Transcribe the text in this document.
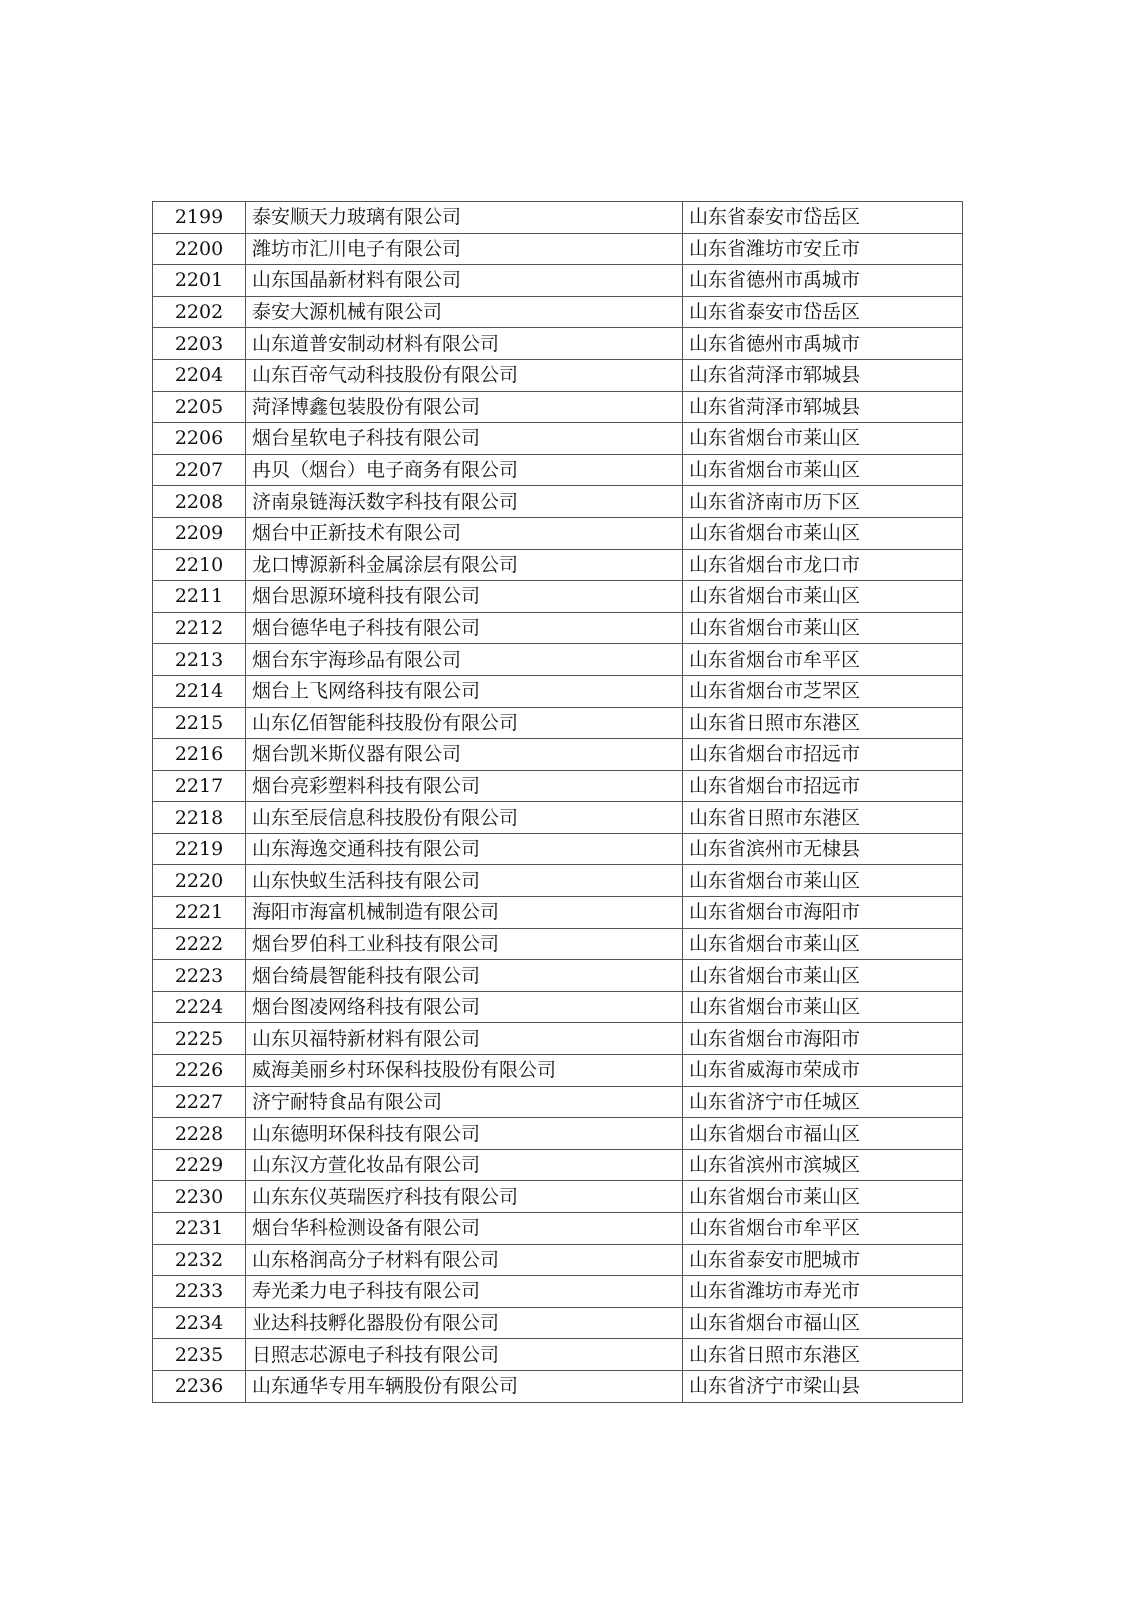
2199	泰安顺天力玻璃有限公司	山东省泰安市岱岳区
2200	潍坊市汇川电子有限公司	山东省潍坊市安丘市
2201	山东国晶新材料有限公司	山东省德州市禹城市
2202	泰安大源机械有限公司	山东省泰安市岱岳区
2203	山东道普安制动材料有限公司	山东省德州市禹城市
2204	山东百帝气动科技股份有限公司	山东省菏泽市郓城县
2205	菏泽博鑫包装股份有限公司	山东省菏泽市郓城县
2206	烟台星软电子科技有限公司	山东省烟台市莱山区
2207	冉贝（烟台）电子商务有限公司	山东省烟台市莱山区
2208	济南泉链海沃数字科技有限公司	山东省济南市历下区
2209	烟台中正新技术有限公司	山东省烟台市莱山区
2210	龙口博源新科金属涂层有限公司	山东省烟台市龙口市
2211	烟台思源环境科技有限公司	山东省烟台市莱山区
2212	烟台德华电子科技有限公司	山东省烟台市莱山区
2213	烟台东宇海珍品有限公司	山东省烟台市牟平区
2214	烟台上飞网络科技有限公司	山东省烟台市芝罘区
2215	山东亿佰智能科技股份有限公司	山东省日照市东港区
2216	烟台凯米斯仪器有限公司	山东省烟台市招远市
2217	烟台亮彩塑料科技有限公司	山东省烟台市招远市
2218	山东至辰信息科技股份有限公司	山东省日照市东港区
2219	山东海逸交通科技有限公司	山东省滨州市无棣县
2220	山东快蚁生活科技有限公司	山东省烟台市莱山区
2221	海阳市海富机械制造有限公司	山东省烟台市海阳市
2222	烟台罗伯科工业科技有限公司	山东省烟台市莱山区
2223	烟台绮晨智能科技有限公司	山东省烟台市莱山区
2224	烟台图凌网络科技有限公司	山东省烟台市莱山区
2225	山东贝福特新材料有限公司	山东省烟台市海阳市
2226	威海美丽乡村环保科技股份有限公司	山东省威海市荣成市
2227	济宁耐特食品有限公司	山东省济宁市任城区
2228	山东德明环保科技有限公司	山东省烟台市福山区
2229	山东汉方萱化妆品有限公司	山东省滨州市滨城区
2230	山东东仪英瑞医疗科技有限公司	山东省烟台市莱山区
2231	烟台华科检测设备有限公司	山东省烟台市牟平区
2232	山东格润高分子材料有限公司	山东省泰安市肥城市
2233	寿光柔力电子科技有限公司	山东省潍坊市寿光市
2234	业达科技孵化器股份有限公司	山东省烟台市福山区
2235	日照志芯源电子科技有限公司	山东省日照市东港区
2236	山东通华专用车辆股份有限公司	山东省济宁市梁山县
